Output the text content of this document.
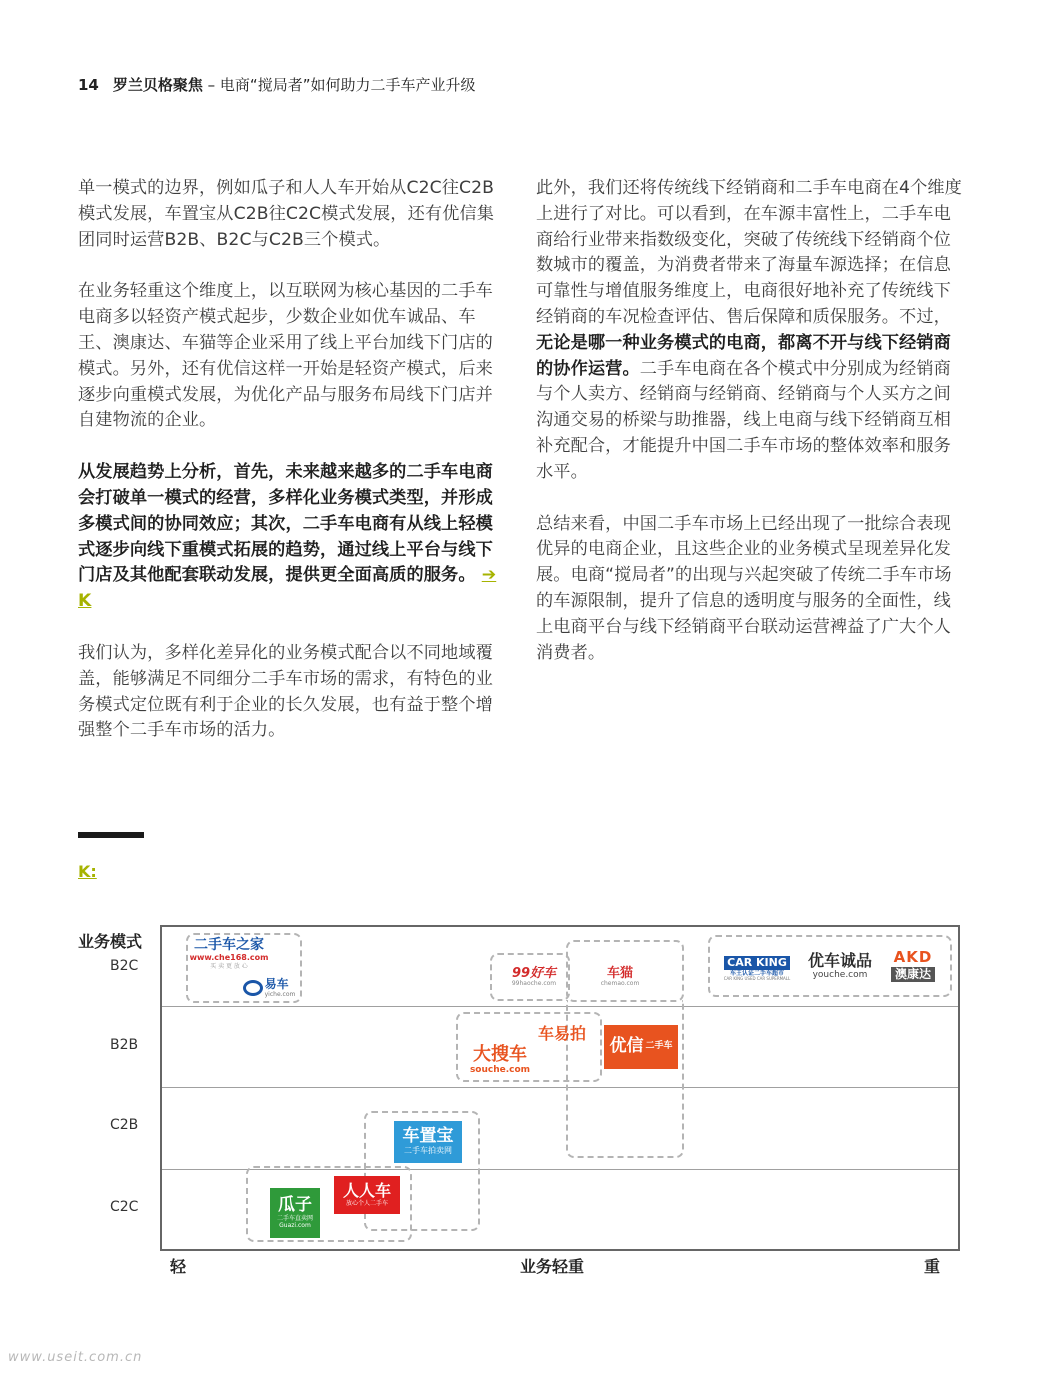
14 罗兰贝格聚焦 – 电商“搅局者”如何助力二手车产业升级

单一模式的边界，例如瓜子和人人车开始从C2C往C2B模式发展，车置宝从C2B往C2C模式发展，还有优信集团同时运营B2B、B2C与C2B三个模式。

在业务轻重这个维度上，以互联网为核心基因的二手车电商多以轻资产模式起步，少数企业如优车诚品、车王、澳康达、车猫等企业采用了线上平台加线下门店的模式。另外，还有优信这样一开始是轻资产模式，后来逐步向重模式发展，为优化产品与服务布局线下门店并自建物流的企业。

从发展趋势上分析，首先，未来越来越多的二手车电商会打破单一模式的经营，多样化业务模式类型，并形成多模式间的协同效应；其次，二手车电商有从线上轻模式逐步向线下重模式拓展的趋势，通过线上平台与线下门店及其他配套联动发展，提供更全面高质的服务。 ➔ K

我们认为，多样化差异化的业务模式配合以不同地域覆盖，能够满足不同细分二手车市场的需求，有特色的业务模式定位既有利于企业的长久发展，也有益于整个增强整个二手车市场的活力。

此外，我们还将传统线下经销商和二手车电商在4个维度上进行了对比。可以看到，在车源丰富性上，二手车电商给行业带来指数级变化，突破了传统线下经销商个位数城市的覆盖，为消费者带来了海量车源选择；在信息可靠性与增值服务维度上，电商很好地补充了传统线下经销商的车况检查评估、售后保障和质保服务。不过，无论是哪一种业务模式的电商，都离不开与线下经销商的协作运营。二手车电商在各个模式中分别成为经销商与个人卖方、经销商与经销商、经销商与个人买方之间沟通交易的桥梁与助推器，线上电商与线下经销商互相补充配合，才能提升中国二手车市场的整体效率和服务水平。

总结来看，中国二手车市场上已经出现了一批综合表现优异的电商企业，且这些企业的业务模式呈现差异化发展。电商“搅局者”的出现与兴起突破了传统二手车市场的车源限制，提升了信息的透明度与服务的全面性，线上电商平台与线下经销商平台联动运营裨益了广大个人消费者。

K:
业务模式
B2C
B2B
C2B
C2C
二手车之家
www.che168.com
买 卖 更 放 心
易车
yiche.com
99好车
99haoche.com
车猫
chemao.com
CAR KING
车王认证二手车超市
CAR KING USED CAR SUPERMALL
优车诚品
youche.com
AKD
澳康达
车易拍
大搜车
souche.com
优信 二手车
车置宝
二手车拍卖网
瓜子
二手车直卖网
Guazi.com
人人车
放心个人二手车
轻	业务轻重	重
www.useit.com.cn
